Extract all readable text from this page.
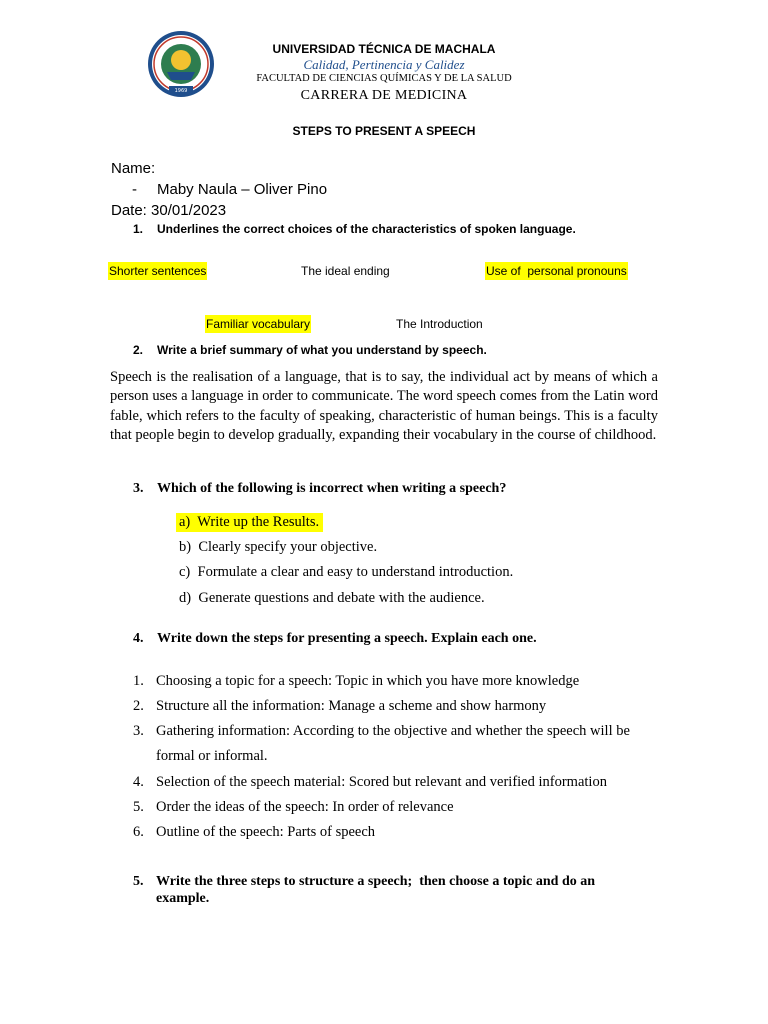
1969
UNIVERSIDAD TÉCNICA DE MACHALA
Calidad, Pertinencia y Calidez
FACULTAD DE CIENCIAS QUÍMICAS Y DE LA SALUD
CARRERA DE MEDICINA
STEPS TO PRESENT A SPEECH
Name:
- Maby Naula – Oliver Pino
Date: 30/01/2023
1. Underlines the correct choices of the characteristics of spoken language.
Shorter sentences	The ideal ending	Use of  personal pronouns
Familiar vocabulary	The Introduction
2. Write a brief summary of what you understand by speech.
Speech is the realisation of a language, that is to say, the individual act by means of which a person uses a language in order to communicate. The word speech comes from the Latin word fable, which refers to the faculty of speaking, characteristic of human beings. This is a faculty that people begin to develop gradually, expanding their vocabulary in the course of childhood.
3. Which of the following is incorrect when writing a speech?
a) Write up the Results.
b) Clearly specify your objective.
c) Formulate a clear and easy to understand introduction.
d) Generate questions and debate with the audience.
4. Write down the steps for presenting a speech. Explain each one.
1. Choosing a topic for a speech: Topic in which you have more knowledge
2. Structure all the information: Manage a scheme and show harmony
3. Gathering information: According to the objective and whether the speech will be
formal or informal.
4. Selection of the speech material: Scored but relevant and verified information
5. Order the ideas of the speech: In order of relevance
6. Outline of the speech: Parts of speech
5. Write the three steps to structure a speech;  then choose a topic and do an
example.
